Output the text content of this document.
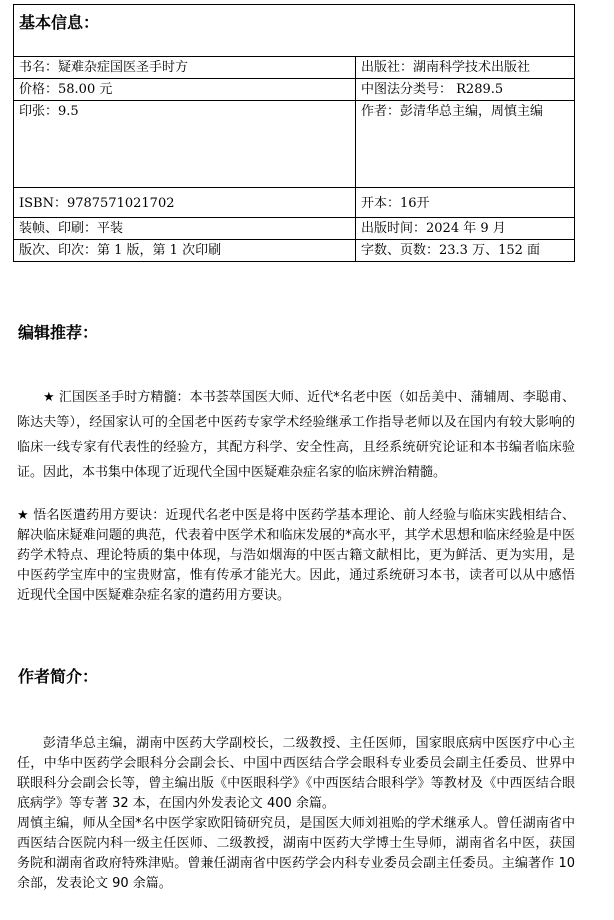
基本信息：	
书名：疑难杂症国医圣手时方	出版社：湖南科学技术出版社
价格：58.00 元	中图法分类号： R289.5
印张：9.5	作者：彭清华总主编，周慎主编
ISBN：9787571021702	开本：16开
装帧、印刷：平装	出版时间：2024 年 9 月
版次、印次：第 1 版，第 1 次印刷	字数、页数：23.3 万、152 面
编辑推荐：
★ 汇国医圣手时方精髓：本书荟萃国医大师、近代*名老中医（如岳美中、蒲辅周、李聪甫、陈达夫等），经国家认可的全国老中医药专家学术经验继承工作指导老师以及在国内有较大影响的临床一线专家有代表性的经验方，其配方科学、安全性高，且经系统研究论证和本书编者临床验证。因此，本书集中体现了近现代全国中医疑难杂症名家的临床辨治精髓。
★ 悟名医遣药用方要诀：近现代名老中医是将中医药学基本理论、前人经验与临床实践相结合、解决临床疑难问题的典范，代表着中医学术和临床发展的*高水平，其学术思想和临床经验是中医药学术特点、理论特质的集中体现，与浩如烟海的中医古籍文献相比，更为鲜活、更为实用，是中医药学宝库中的宝贵财富，惟有传承才能光大。因此，通过系统研习本书，读者可以从中感悟近现代全国中医疑难杂症名家的遣药用方要诀。
作者简介：
彭清华总主编，湖南中医药大学副校长，二级教授、主任医师，国家眼底病中医医疗中心主任，中华中医药学会眼科分会副会长、中国中西医结合学会眼科专业委员会副主任委员、世界中联眼科分会副会长等，曾主编出版《中医眼科学》《中西医结合眼科学》等教材及《中西医结合眼底病学》等专著 32 本，在国内外发表论文 400 余篇。
周慎主编，师从全国*名中医学家欧阳锜研究员，是国医大师刘祖贻的学术继承人。曾任湖南省中西医结合医院内科一级主任医师、二级教授，湖南中医药大学博士生导师，湖南省名中医，获国务院和湖南省政府特殊津贴。曾兼任湖南省中医药学会内科专业委员会副主任委员。主编著作 10 余部，发表论文 90 余篇。
